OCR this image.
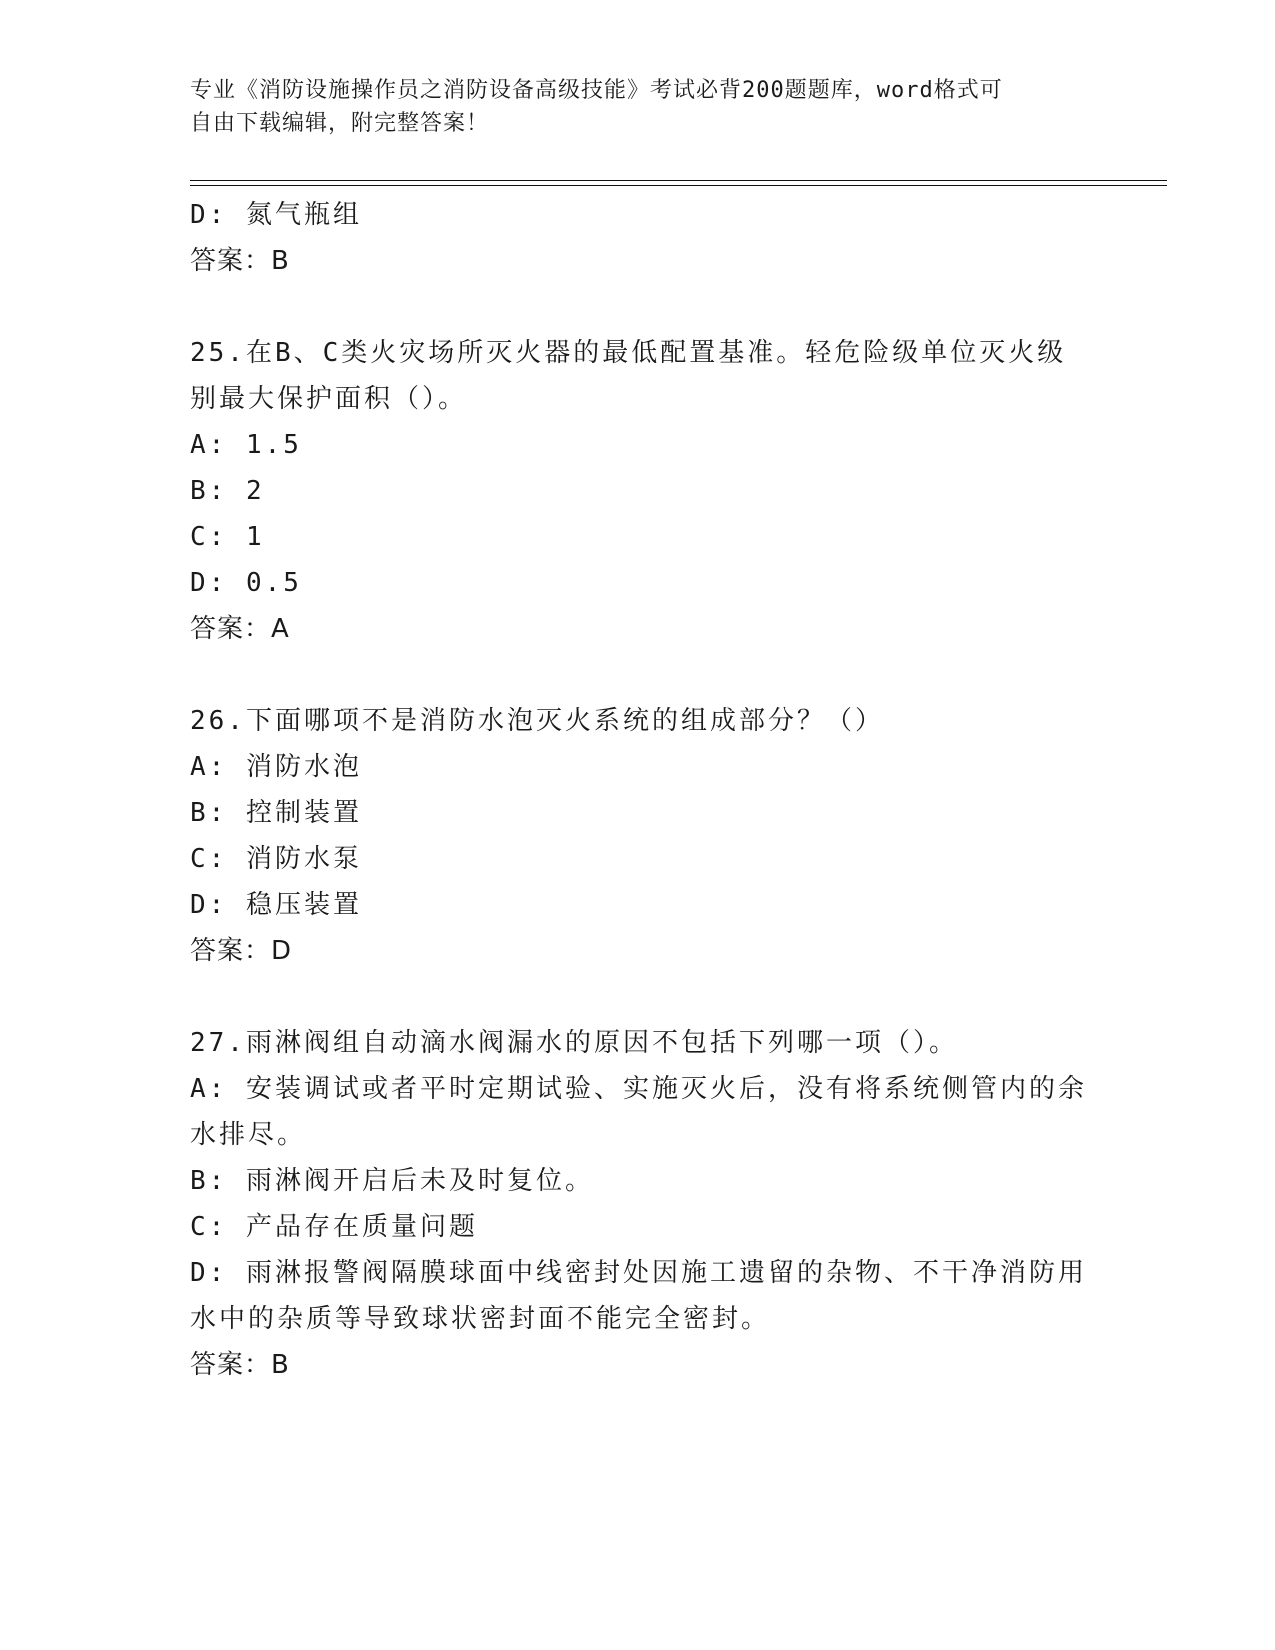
专业《消防设施操作员之消防设备高级技能》考试必背200题题库，word格式可
自由下载编辑，附完整答案！
D: 氮气瓶组
答案：B
25.在B、C类火灾场所灭火器的最低配置基准。轻危险级单位灭火级
别最大保护面积（）。
A: 1.5
B: 2
C: 1
D: 0.5
答案：A
26.下面哪项不是消防水泡灭火系统的组成部分？（）
A: 消防水泡
B: 控制装置
C: 消防水泵
D: 稳压装置
答案：D
27.雨淋阀组自动滴水阀漏水的原因不包括下列哪一项（）。
A: 安装调试或者平时定期试验、实施灭火后，没有将系统侧管内的余
水排尽。
B: 雨淋阀开启后未及时复位。
C: 产品存在质量问题
D: 雨淋报警阀隔膜球面中线密封处因施工遗留的杂物、不干净消防用
水中的杂质等导致球状密封面不能完全密封。
答案：B
